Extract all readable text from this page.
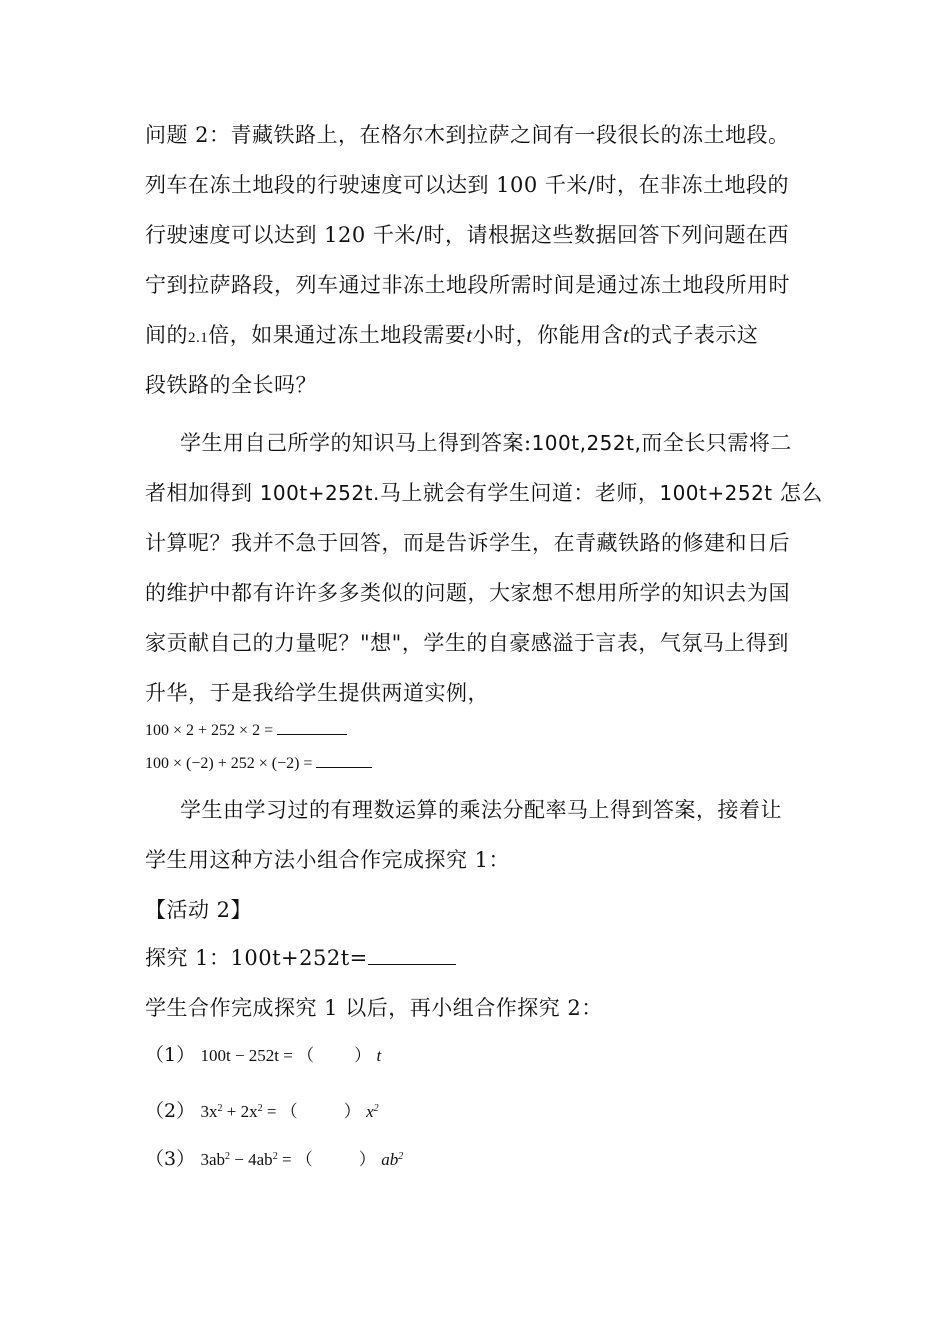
问题 2：青藏铁路上，在格尔木到拉萨之间有一段很长的冻土地段。
列车在冻土地段的行驶速度可以达到 100 千米/时，在非冻土地段的
行驶速度可以达到 120 千米/时，请根据这些数据回答下列问题在西
宁到拉萨路段，列车通过非冻土地段所需时间是通过冻土地段所用时
间的2.1倍，如果通过冻土地段需要t小时，你能用含t的式子表示这
段铁路的全长吗？
学生用自己所学的知识马上得到答案:100t,252t,而全长只需将二
者相加得到 100t+252t.马上就会有学生问道：老师，100t+252t 怎么
计算呢？我并不急于回答，而是告诉学生，在青藏铁路的修建和日后
的维护中都有许许多多类似的问题，大家想不想用所学的知识去为国
家贡献自己的力量呢？"想"，学生的自豪感溢于言表，气氛马上得到
升华，于是我给学生提供两道实例，
100 × 2 + 252 × 2 =
100 × (−2) + 252 × (−2) =
学生由学习过的有理数运算的乘法分配率马上得到答案，接着让
学生用这种方法小组合作完成探究 1：
【活动 2】
探究 1：100t+252t=
学生合作完成探究 1 以后，再小组合作探究 2：
（1） 100t − 252t = （ ） t
（2） $3x^2 + 2x^2$ = （	） $x^2$
（3） $3ab^2 - 4ab^2$ = （	） $ab^2$
